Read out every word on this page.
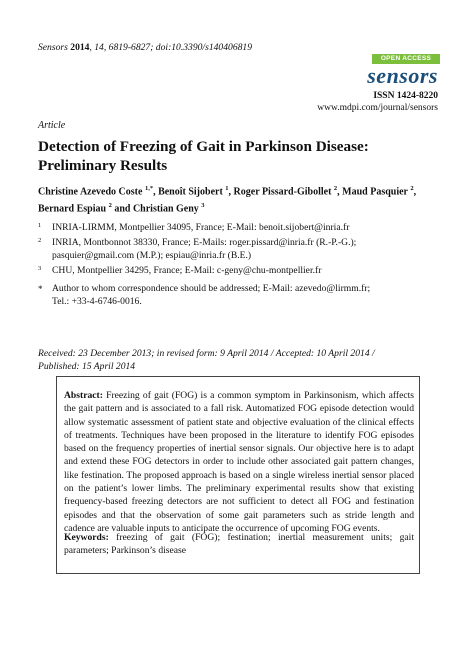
Sensors 2014, 14, 6819-6827; doi:10.3390/s140406819
OPEN ACCESS
sensors
ISSN 1424-8220
www.mdpi.com/journal/sensors
Article
Detection of Freezing of Gait in Parkinson Disease:
Preliminary Results
Christine Azevedo Coste $^{1,*}$, Benoît Sijobert $^1$, Roger Pissard-Gibollet $^2$, Maud Pasquier $^2$,
Bernard Espiau $^2$ and Christian Geny $^3$
1 INRIA-LIRMM, Montpellier 34095, France; E-Mail: benoit.sijobert@inria.fr
2 INRIA, Montbonnot 38330, France; E-Mails: roger.pissard@inria.fr (R.-P.-G.);
pasquier@gmail.com (M.P.); espiau@inria.fr (B.E.)
3 CHU, Montpellier 34295, France; E-Mail: c-geny@chu-montpellier.fr
* Author to whom correspondence should be addressed; E-Mail: azevedo@lirmm.fr;
Tel.: +33-4-6746-0016.
Received: 23 December 2013; in revised form: 9 April 2014 / Accepted: 10 April 2014 /
Published: 15 April 2014
Abstract: Freezing of gait (FOG) is a common symptom in Parkinsonism, which affects the gait pattern and is associated to a fall risk. Automatized FOG episode detection would allow systematic assessment of patient state and objective evaluation of the clinical effects of treatments. Techniques have been proposed in the literature to identify FOG episodes based on the frequency properties of inertial sensor signals. Our objective here is to adapt and extend these FOG detectors in order to include other associated gait pattern changes, like festination. The proposed approach is based on a single wireless inertial sensor placed on the patient’s lower limbs. The preliminary experimental results show that existing frequency-based freezing detectors are not sufficient to detect all FOG and festination episodes and that the observation of some gait parameters such as stride length and cadence are valuable inputs to anticipate the occurrence of upcoming FOG events.
Keywords: freezing of gait (FOG); festination; inertial measurement units; gait parameters; Parkinson’s disease
